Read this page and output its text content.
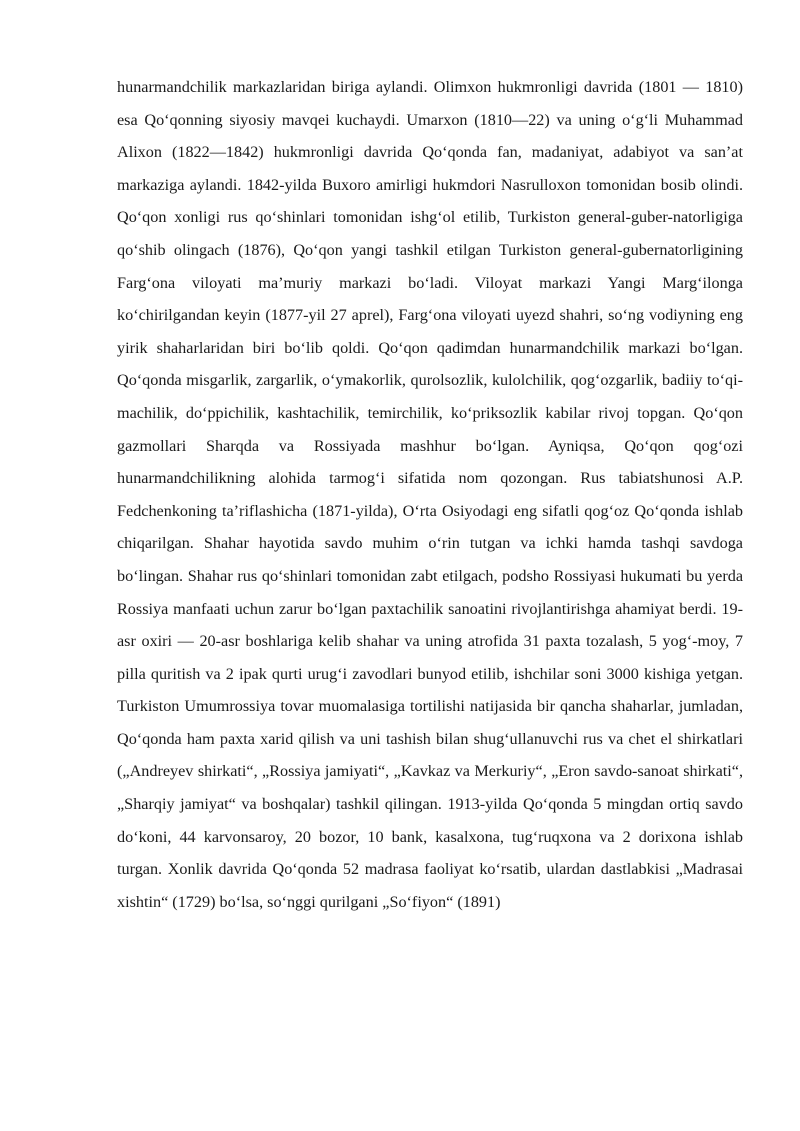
hunarmandchilik markazlaridan biriga aylandi. Olimxon hukmronligi davrida (1801 — 1810) esa Qo‘qonning siyosiy mavqei kuchaydi. Umarxon (1810—22) va uning o‘g‘li Muhammad Alixon (1822—1842) hukmronligi davrida Qo‘qonda fan, madaniyat, adabiyot va san’at markaziga aylandi. 1842-yilda Buxoro amirligi hukmdori Nasrulloxon tomonidan bosib olindi. Qo‘qon xonligi rus qo‘shinlari tomonidan ishg‘ol etilib, Turkiston general-guber-natorligiga qo‘shib olingach (1876), Qo‘qon yangi tashkil etilgan Turkiston general-gubernatorligining Farg‘ona viloyati ma’muriy markazi bo‘ladi. Viloyat markazi Yangi Marg‘ilonga ko‘chirilgandan keyin (1877-yil 27 aprel), Farg‘ona viloyati uyezd shahri, so‘ng vodiyning eng yirik shaharlaridan biri bo‘lib qoldi. Qo‘qon qadimdan hunarmandchilik markazi bo‘lgan. Qo‘qonda misgarlik, zargarlik, o‘ymakorlik, qurolsozlik, kulolchilik, qog‘ozgarlik, badiiy to‘qi-machilik, do‘ppichilik, kashtachilik, temirchilik, ko‘priksozlik kabilar rivoj topgan. Qo‘qon gazmollari Sharqda va Rossiyada mashhur bo‘lgan. Ayniqsa, Qo‘qon qog‘ozi hunarmandchilikning alohida tarmog‘i sifatida nom qozongan. Rus tabiatshunosi A.P. Fedchenkoning ta’riflashicha (1871-yilda), O‘rta Osiyodagi eng sifatli qog‘oz Qo‘qonda ishlab chiqarilgan. Shahar hayotida savdo muhim o‘rin tutgan va ichki hamda tashqi savdoga bo‘lingan. Shahar rus qo‘shinlari tomonidan zabt etilgach, podsho Rossiyasi hukumati bu yerda Rossiya manfaati uchun zarur bo‘lgan paxtachilik sanoatini rivojlantirishga ahamiyat berdi. 19-asr oxiri — 20-asr boshlariga kelib shahar va uning atrofida 31 paxta tozalash, 5 yog‘-moy, 7 pilla quritish va 2 ipak qurti urug‘i zavodlari bunyod etilib, ishchilar soni 3000 kishiga yetgan. Turkiston Umumrossiya tovar muomalasiga tortilishi natijasida bir qancha shaharlar, jumladan, Qo‘qonda ham paxta xarid qilish va uni tashish bilan shug‘ullanuvchi rus va chet el shirkatlari („Andreyev shirkati“, „Rossiya jamiyati“, „Kavkaz va Merkuriy“, „Eron savdo-sanoat shirkati“, „Sharqiy jamiyat“ va boshqalar) tashkil qilingan. 1913-yilda Qo‘qonda 5 mingdan ortiq savdo do‘koni, 44 karvonsaroy, 20 bozor, 10 bank, kasalxona, tug‘ruqxona va 2 dorixona ishlab turgan. Xonlik davrida Qo‘qonda 52 madrasa faoliyat ko‘rsatib, ulardan dastlabkisi „Madrasai xishtin“ (1729) bo‘lsa, so‘nggi qurilgani „So‘fiyon“ (1891)
